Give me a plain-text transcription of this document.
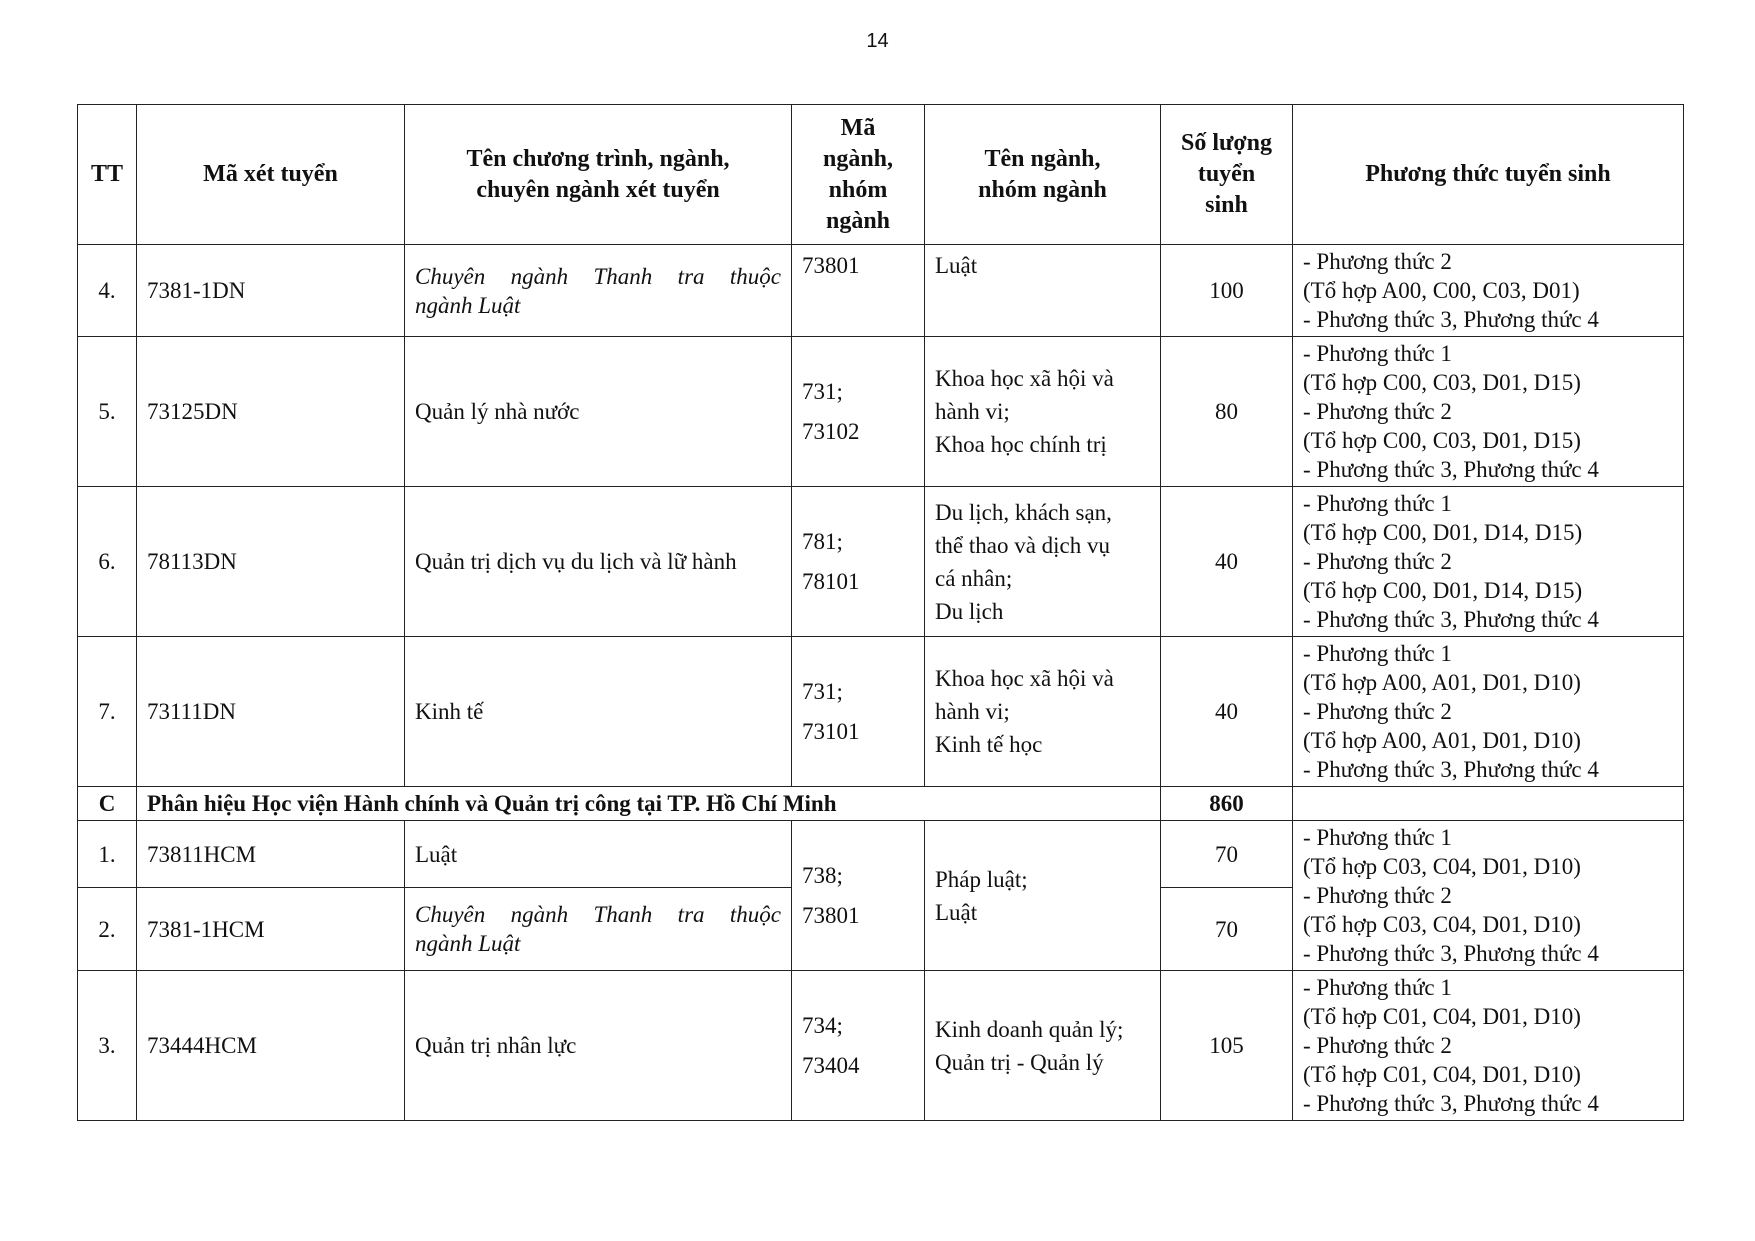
14
TT	Mã xét tuyển	Tên chương trình, ngành,
chuyên ngành xét tuyển	Mã
ngành,
nhóm
ngành	Tên ngành,
nhóm ngành	Số lượng
tuyển
sinh	Phương thức tuyển sinh
4.	7381-1DN	Chuyên ngành Thanh tra thuộc
ngành Luật	73801	Luật	100	- Phương thức 2
(Tổ hợp A00, C00, C03, D01)
- Phương thức 3, Phương thức 4

5.	73125DN	Quản lý nhà nước	731;
73102	Khoa học xã hội và
hành vi;
Khoa học chính trị	80	- Phương thức 1
(Tổ hợp C00, C03, D01, D15)
- Phương thức 2
(Tổ hợp C00, C03, D01, D15)
- Phương thức 3, Phương thức 4

6.	78113DN	Quản trị dịch vụ du lịch và lữ hành	781;
78101	Du lịch, khách sạn,
thể thao và dịch vụ
cá nhân;
Du lịch	40	- Phương thức 1
(Tổ hợp C00, D01, D14, D15)
- Phương thức 2
(Tổ hợp C00, D01, D14, D15)
- Phương thức 3, Phương thức 4

7.	73111DN	Kinh tế	731;
73101	Khoa học xã hội và
hành vi;
Kinh tế học	40	- Phương thức 1
(Tổ hợp A00, A01, D01, D10)
- Phương thức 2
(Tổ hợp A00, A01, D01, D10)
- Phương thức 3, Phương thức 4

C	Phân hiệu Học viện Hành chính và Quản trị công tại TP. Hồ Chí Minh				860	
1.	73811HCM	Luật	738;
73801	Pháp luật;
Luật	70	- Phương thức 1
(Tổ hợp C03, C04, D01, D10)
- Phương thức 2
(Tổ hợp C03, C04, D01, D10)
- Phương thức 3, Phương thức 4

2.	7381-1HCM	Chuyên ngành Thanh tra thuộc
ngành Luật			70	
3.	73444HCM	Quản trị nhân lực	734;
73404	Kinh doanh quản lý;
Quản trị - Quản lý	105	- Phương thức 1
(Tổ hợp C01, C04, D01, D10)
- Phương thức 2
(Tổ hợp C01, C04, D01, D10)
- Phương thức 3, Phương thức 4
